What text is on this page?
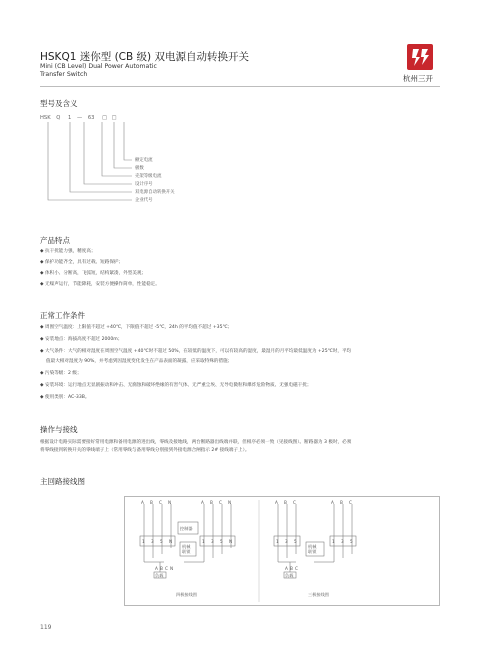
HSKQ1 迷你型 (CB 级) 双电源自动转换开关
Mini (CB Level) Dual Power Automatic
Transfer Switch	杭州三开
型号及含义
HSK Q 1 — 63 □ □
额定电流
极数
壳架等级电流
设计序号
双电源自动转换开关
企业代号
产品特点
◆ 抗干扰能力强，精度高；
◆ 保护功能齐全，具有过载、短路保护；
◆ 体积小、分断高，飞弧短，结构紧凑，外型美观；
◆ 无噪声运行，节能降耗，安装方便操作简单，性能稳定。
正常工作条件
◆ 周围空气温度：上限值不超过 +40℃，下限值不超过 -5℃，24h 的平均值不超过 +35℃；
◆ 安装地点：海拔高度不超过 2000m；
◆ 大气条件：大气的相对湿度在周围空气温度 +40℃时不超过 50%，在较低的温度下，可以有较高的湿度，最湿月的月平均最低温度为 +25℃时，平均
值最大相对湿度为 90%，并考虑到因湿度变化发生在产品表面的凝露，应采取特殊的措施；
◆ 污染等级：2 级；
◆ 安装环境：运行地点无显剧振动和冲击、无腐蚀和破坏绝缘的有害气体、无严重尘埃、无导电微粒和爆炸危险物质、无强电磁干扰；
◆ 使用类别：AC-33B。
操作与接线
根据设计电路实际需要接好常用电源和备用电源的进出线，零线及接地线，两台断路器出线端并联，但相序必须一致（见接线图）。断路器为 3 极时，必须
将零线接到转换开关的零线端子上（常用零线与备用零线分别接到外接电源合闸指示 2# 接线端子上）。
主回路接线图
A B C N	A B C N
控制器
机械
联锁
1 3 5 N	1 3 5 N
A B C N
负载
四极接线图
A B C	A B C
机械
联锁
1 3 5	1 3 5
A B C
负载
三极接线图
119
